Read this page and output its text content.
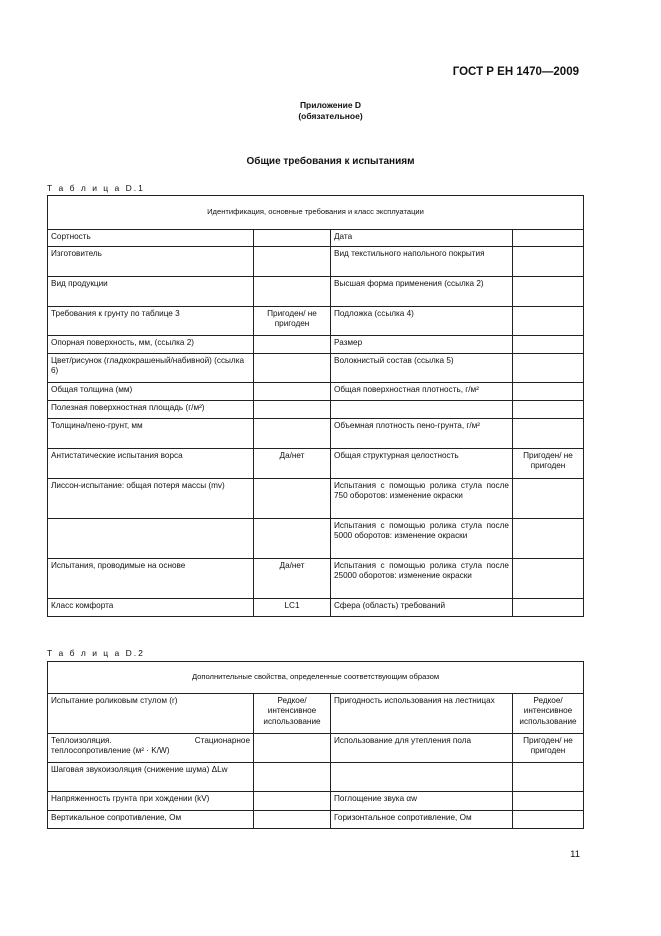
ГОСТ Р ЕН 1470—2009
Приложение D
(обязательное)
Общие требования к испытаниям
Т а б л и ц а D.1
Идентификация, основные требования и класс эксплуатации			
Сортность		Дата	
Изготовитель		Вид текстильного напольного покрытия	
Вид продукции		Высшая форма применения (ссылка 2)	
Требования к грунту по таблице 3	Пригоден/ не пригоден	Подложка (ссылка 4)	
Опорная поверхность, мм, (ссылка 2)		Размер	
Цвет/рисунок (гладкокрашеный/набивной) (ссылка 6)		Волокнистый состав (ссылка 5)	
Общая толщина (мм)		Общая поверхностная плотность, г/м²	
Полезная поверхностная площадь (г/м²)			
Толщина/пено-грунт, мм		Объемная плотность пено-грунта, г/м²	
Антистатические испытания ворса	Да/нет	Общая структурная целостность	Пригоден/ не пригоден
Лиссон-испытание: общая потеря массы (mv)		Испытания с помощью ролика стула после 750 оборотов: изменение окраски	
		Испытания с помощью ролика стула после 5000 оборотов: изменение окраски	
Испытания, проводимые на основе	Да/нет	Испытания с помощью ролика стула после 25000 оборотов: изменение окраски	
Класс комфорта	LC1	Сфера (область) требований	
Т а б л и ц а D.2
Дополнительные свойства, определенные соответствующим образом			
Испытание роликовым стулом (r)	Редкое/интенсивное использование	Пригодность использования на лестницах	Редкое/интенсивное использование
Теплоизоляция. Стационарное теплосопротивление (м² · K/W)		Использование для утепления пола	Пригоден/ не пригоден
Шаговая звукоизоляция (снижение шума) ΔLw			
Напряженность грунта при хождении (kV)		Поглощение звука αw	
Вертикальное сопротивление, Ом		Горизонтальное сопротивление, Ом	
11
